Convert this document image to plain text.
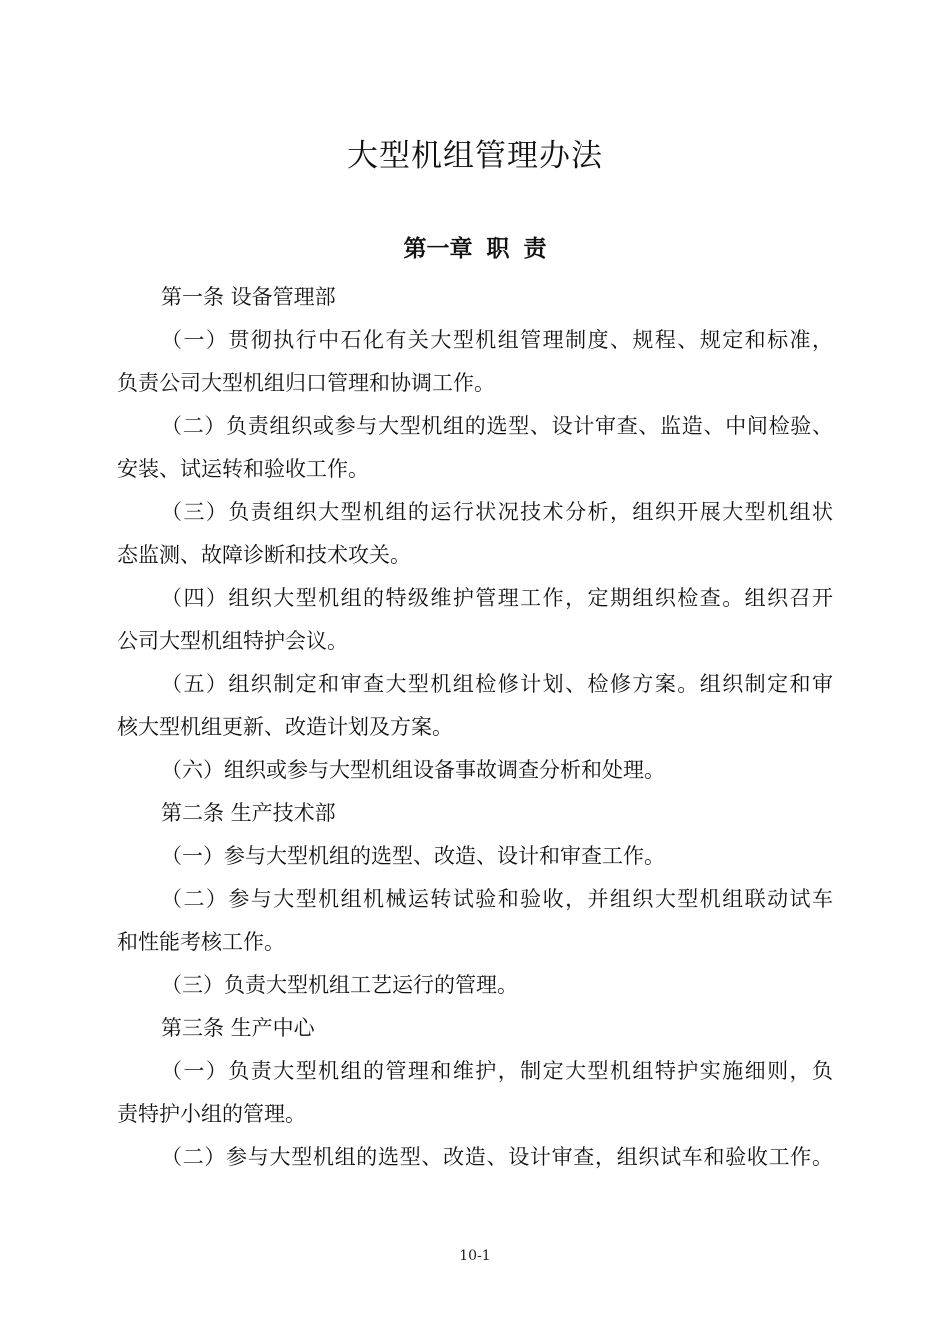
大型机组管理办法
第一章 职 责
第一条 设备管理部
（一）贯彻执行中石化有关大型机组管理制度、规程、规定和标准，
负责公司大型机组归口管理和协调工作。
（二）负责组织或参与大型机组的选型、设计审查、监造、中间检验、
安装、试运转和验收工作。
（三）负责组织大型机组的运行状况技术分析，组织开展大型机组状
态监测、故障诊断和技术攻关。
（四）组织大型机组的特级维护管理工作，定期组织检查。组织召开
公司大型机组特护会议。
（五）组织制定和审查大型机组检修计划、检修方案。组织制定和审
核大型机组更新、改造计划及方案。
（六）组织或参与大型机组设备事故调查分析和处理。
第二条 生产技术部
（一）参与大型机组的选型、改造、设计和审查工作。
（二）参与大型机组机械运转试验和验收，并组织大型机组联动试车
和性能考核工作。
（三）负责大型机组工艺运行的管理。
第三条 生产中心
（一）负责大型机组的管理和维护，制定大型机组特护实施细则，负
责特护小组的管理。
（二）参与大型机组的选型、改造、设计审查，组织试车和验收工作。
10-1
